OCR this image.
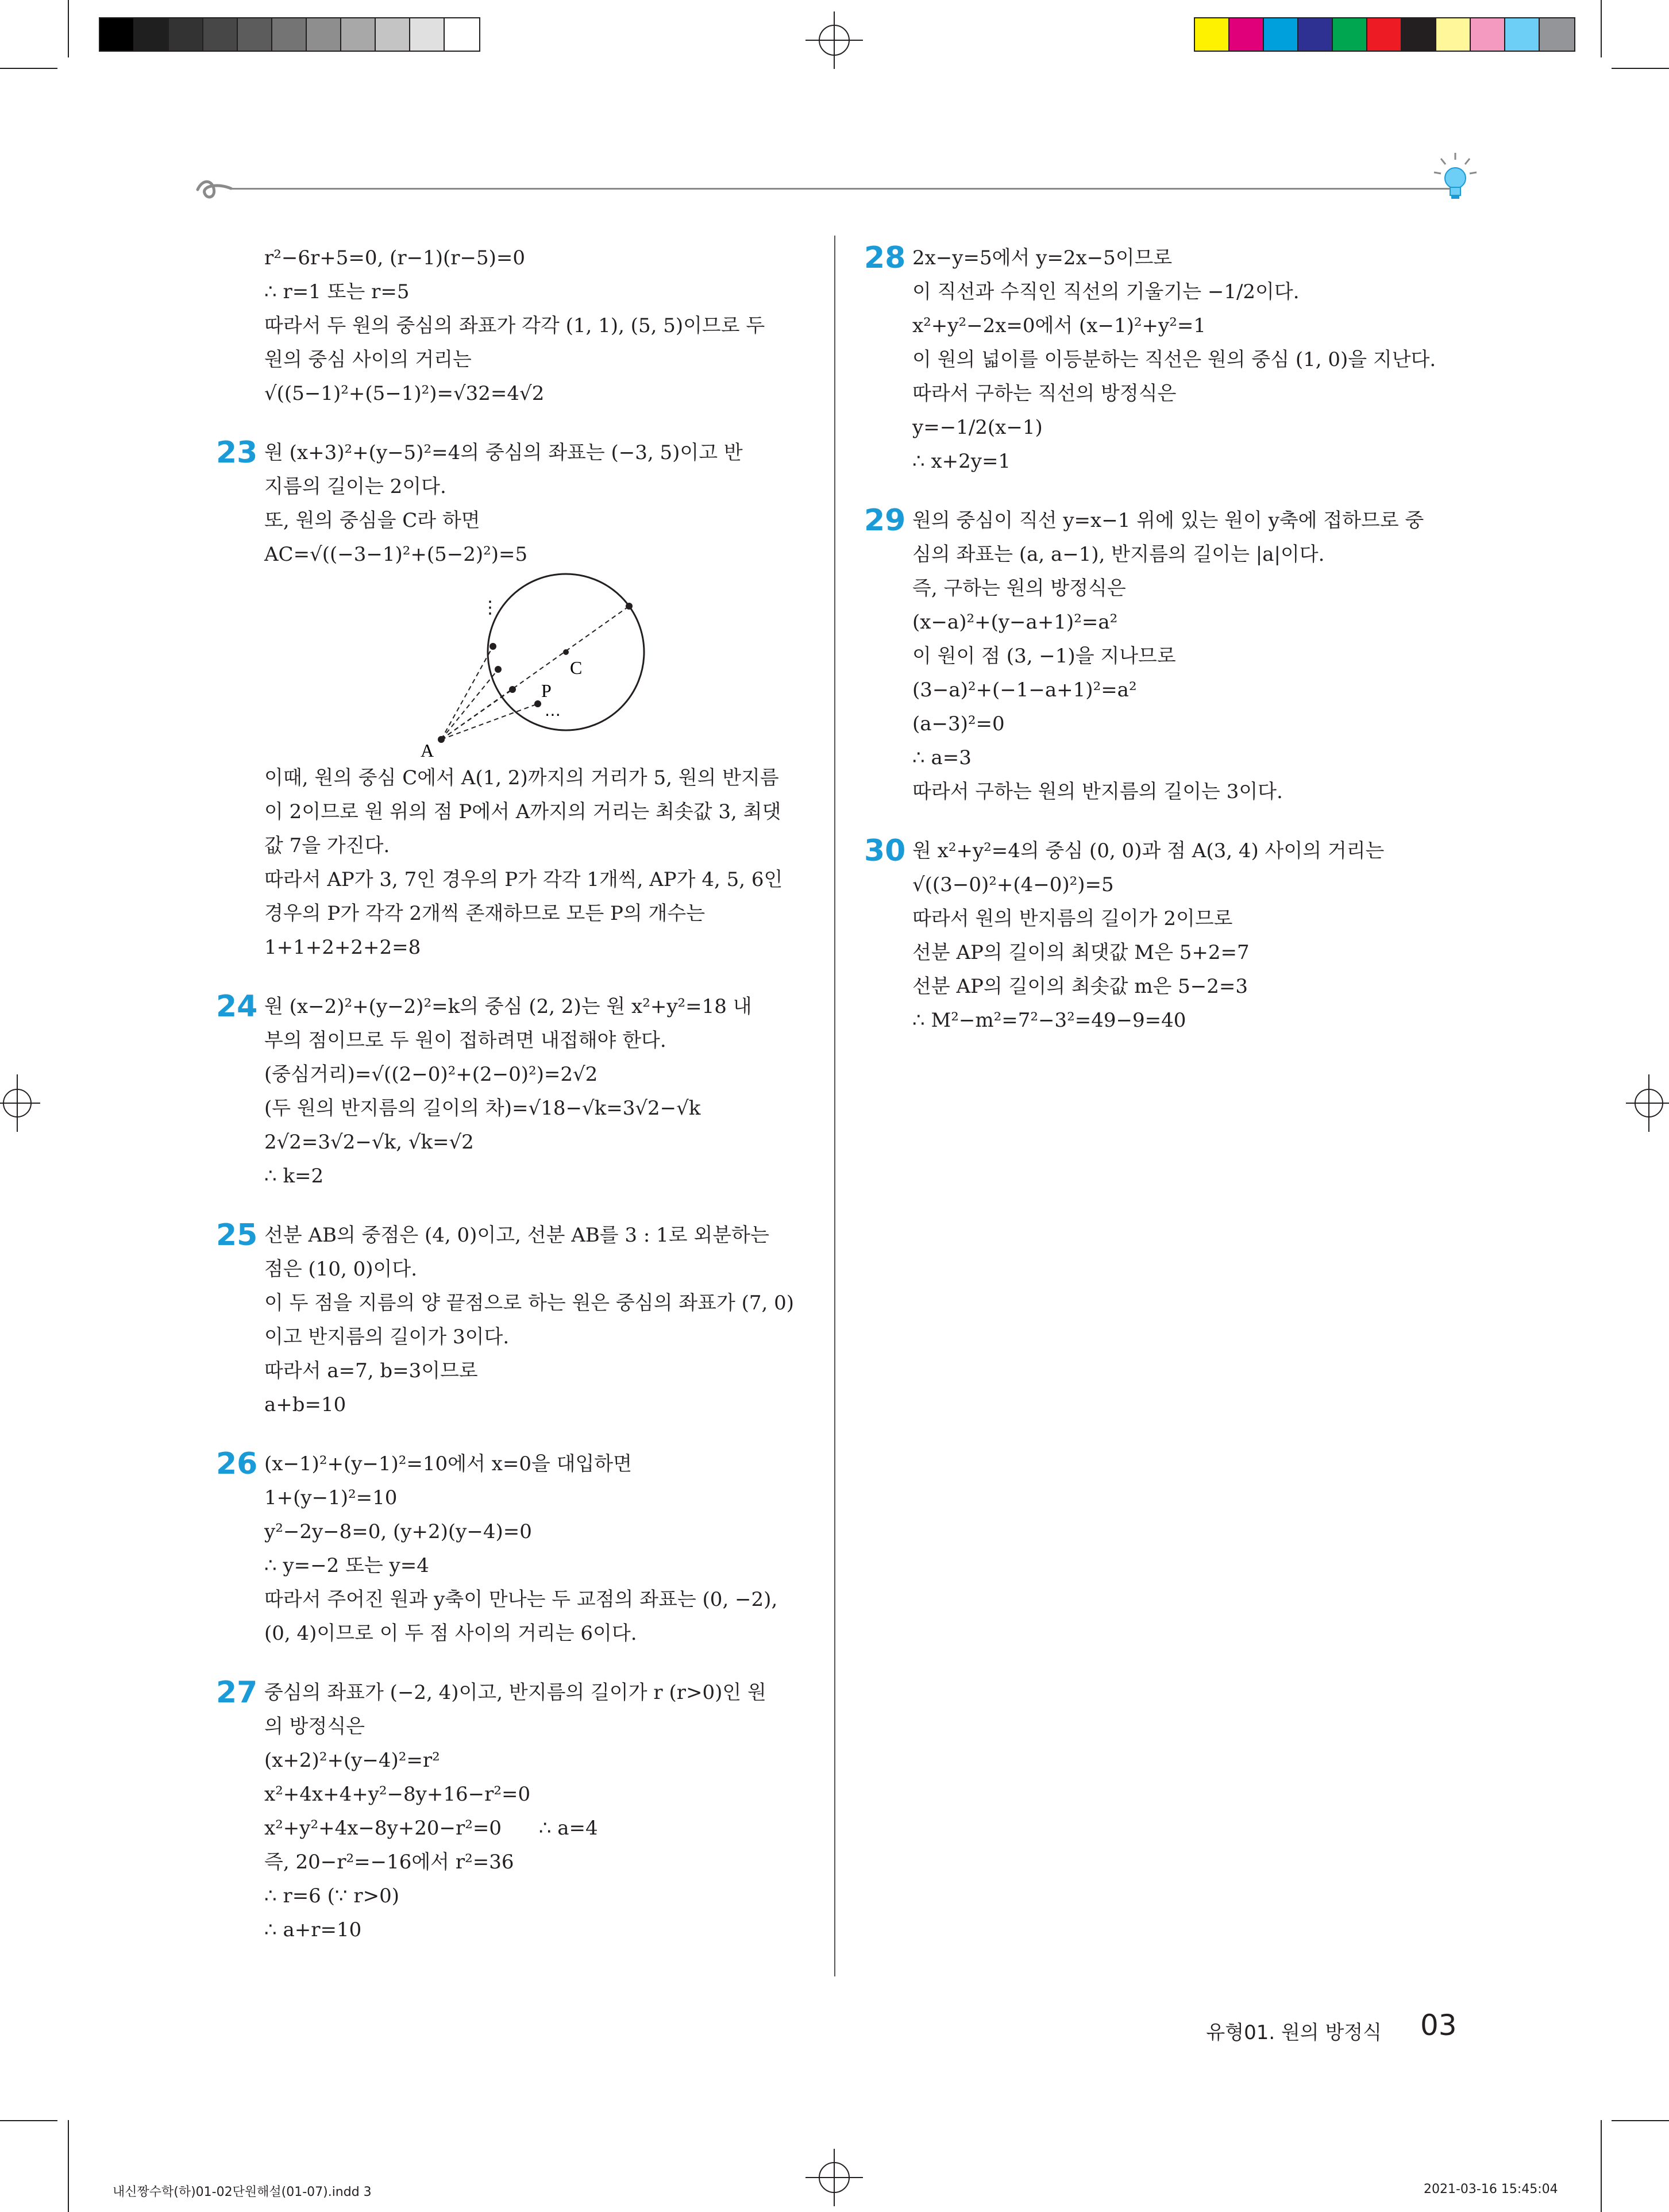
r²−6r+5=0, (r−1)(r−5)=0
∴ r=1 또는 r=5
따라서 두 원의 중심의 좌표가 각각 (1, 1), (5, 5)이므로 두
원의 중심 사이의 거리는
√((5−1)²+(5−1)²)=√32=4√2
23 원 (x+3)²+(y−5)²=4의 중심의 좌표는 (−3, 5)이고 반
지름의 길이는 2이다.
또, 원의 중심을 C라 하면
AC=√((−3−1)²+(5−2)²)=5
A
C
P
⋮
⋯
이때, 원의 중심 C에서 A(1, 2)까지의 거리가 5, 원의 반지름
이 2이므로 원 위의 점 P에서 A까지의 거리는 최솟값 3, 최댓
값 7을 가진다.
따라서 AP가 3, 7인 경우의 P가 각각 1개씩, AP가 4, 5, 6인
경우의 P가 각각 2개씩 존재하므로 모든 P의 개수는
1+1+2+2+2=8
24 원 (x−2)²+(y−2)²=k의 중심 (2, 2)는 원 x²+y²=18 내
부의 점이므로 두 원이 접하려면 내접해야 한다.
(중심거리)=√((2−0)²+(2−0)²)=2√2
(두 원의 반지름의 길이의 차)=√18−√k=3√2−√k
2√2=3√2−√k, √k=√2
∴ k=2
25 선분 AB의 중점은 (4, 0)이고, 선분 AB를 3 : 1로 외분하는
점은 (10, 0)이다.
이 두 점을 지름의 양 끝점으로 하는 원은 중심의 좌표가 (7, 0)
이고 반지름의 길이가 3이다.
따라서 a=7, b=3이므로
a+b=10
26 (x−1)²+(y−1)²=10에서 x=0을 대입하면
1+(y−1)²=10
y²−2y−8=0, (y+2)(y−4)=0
∴ y=−2 또는 y=4
따라서 주어진 원과 y축이 만나는 두 교점의 좌표는 (0, −2),
(0, 4)이므로 이 두 점 사이의 거리는 6이다.
27 중심의 좌표가 (−2, 4)이고, 반지름의 길이가 r (r>0)인 원
의 방정식은
(x+2)²+(y−4)²=r²
x²+4x+4+y²−8y+16−r²=0
x²+y²+4x−8y+20−r²=0      ∴ a=4
즉, 20−r²=−16에서 r²=36
∴ r=6 (∵ r>0)
∴ a+r=10
28 2x−y=5에서 y=2x−5이므로
이 직선과 수직인 직선의 기울기는 −1/2이다.
x²+y²−2x=0에서 (x−1)²+y²=1
이 원의 넓이를 이등분하는 직선은 원의 중심 (1, 0)을 지난다.
따라서 구하는 직선의 방정식은
y=−1/2(x−1)
∴ x+2y=1
29 원의 중심이 직선 y=x−1 위에 있는 원이 y축에 접하므로 중
심의 좌표는 (a, a−1), 반지름의 길이는 |a|이다.
즉, 구하는 원의 방정식은
(x−a)²+(y−a+1)²=a²
이 원이 점 (3, −1)을 지나므로
(3−a)²+(−1−a+1)²=a²
(a−3)²=0
∴ a=3
따라서 구하는 원의 반지름의 길이는 3이다.
30 원 x²+y²=4의 중심 (0, 0)과 점 A(3, 4) 사이의 거리는
√((3−0)²+(4−0)²)=5
따라서 원의 반지름의 길이가 2이므로
선분 AP의 길이의 최댓값 M은 5+2=7
선분 AP의 길이의 최솟값 m은 5−2=3
∴ M²−m²=7²−3²=49−9=40
유형01. 원의 방정식 03
내신짱수학(하)01-02단원해설(01-07).indd 3	2021-03-16 15:45:04
